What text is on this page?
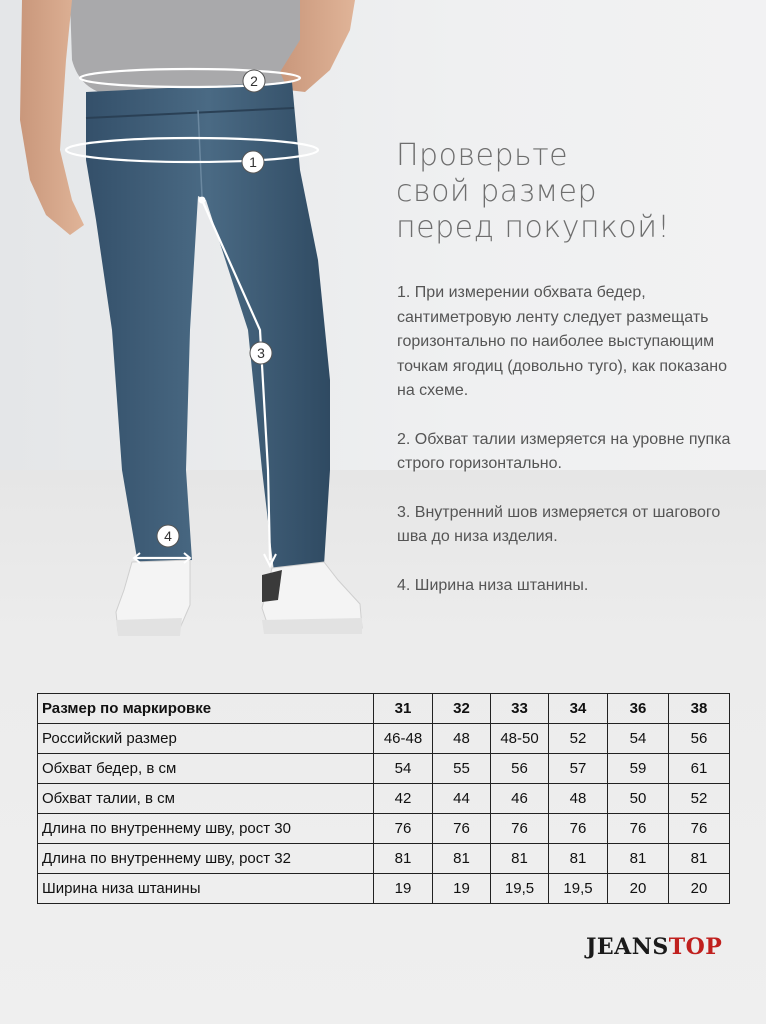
2
1
3
4
Проверьте
свой размер
перед покупкой!
1. При измерении обхвата бедер, сантиметровую ленту следует размещать горизонтально по наиболее выступающим точкам ягодиц (довольно туго), как показано на схеме.
2. Обхват талии измеряется на уровне пупка строго горизонтально.
3. Внутренний шов измеряется от шагового шва до низа изделия.
4. Ширина низа штанины.
Размер по маркировке	31	32	33	34	36	38
Российский размер	46-48	48	48-50	52	54	56
Обхват бедер, в см	54	55	56	57	59	61
Обхват талии, в см	42	44	46	48	50	52
Длина по внутреннему шву, рост 30	76	76	76	76	76	76
Длина по внутреннему шву, рост 32	81	81	81	81	81	81
Ширина низа штанины	19	19	19,5	19,5	20	20
JEANSTOP
